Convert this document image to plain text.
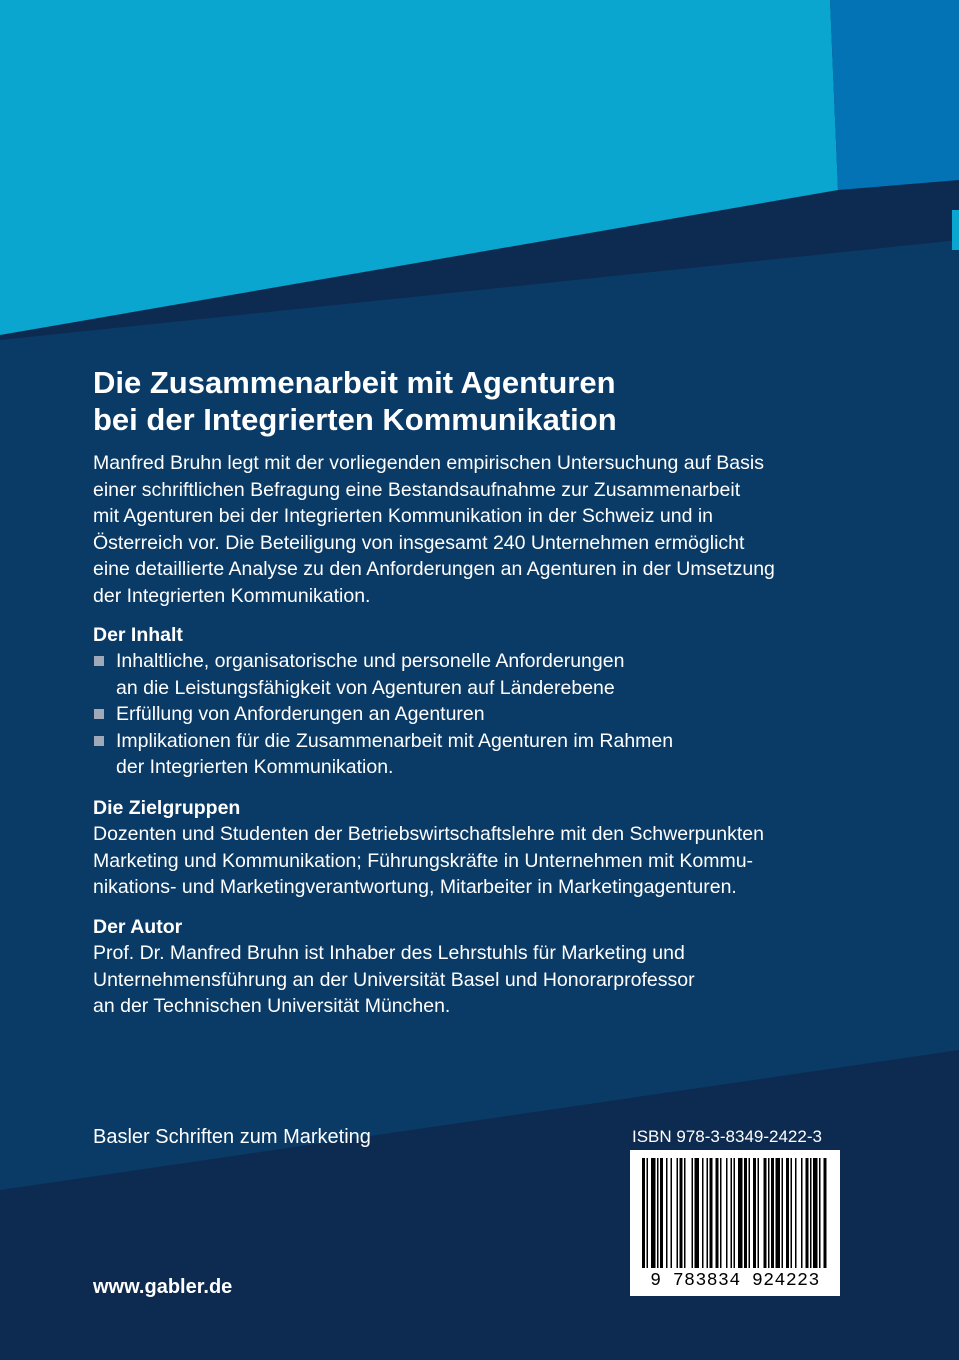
Die Zusammenarbeit mit Agenturen
bei der Integrierten Kommunikation

Manfred Bruhn legt mit der vorliegenden empirischen Untersuchung auf Basis
einer schriftlichen Befragung eine Bestandsaufnahme zur Zusammenarbeit
mit Agenturen bei der Integrierten Kommunikation in der Schweiz und in
Österreich vor. Die Beteiligung von insgesamt 240 Unternehmen ermöglicht
eine detaillierte Analyse zu den Anforderungen an Agenturen in der Umsetzung
der Integrierten Kommunikation.

Der Inhalt
Inhaltliche, organisatorische und personelle Anforderungen
an die Leistungsfähigkeit von Agenturen auf Länderebene
Erfüllung von Anforderungen an Agenturen
Implikationen für die Zusammenarbeit mit Agenturen im Rahmen
der Integrierten Kommunikation.
Die Zielgruppen

Dozenten und Studenten der Betriebswirtschaftslehre mit den Schwerpunkten
Marketing und Kommunikation; Führungskräfte in Unternehmen mit Kommu-
nikations- und Marketingverantwortung, Mitarbeiter in Marketingagenturen.

Der Autor

Prof. Dr. Manfred Bruhn ist Inhaber des Lehrstuhls für Marketing und
Unternehmensführung an der Universität Basel und Honorarprofessor
an der Technischen Universität München.

Basler Schriften zum Marketing
www.gabler.de
ISBN 978-3-8349-2422-3
9 783834 924223
